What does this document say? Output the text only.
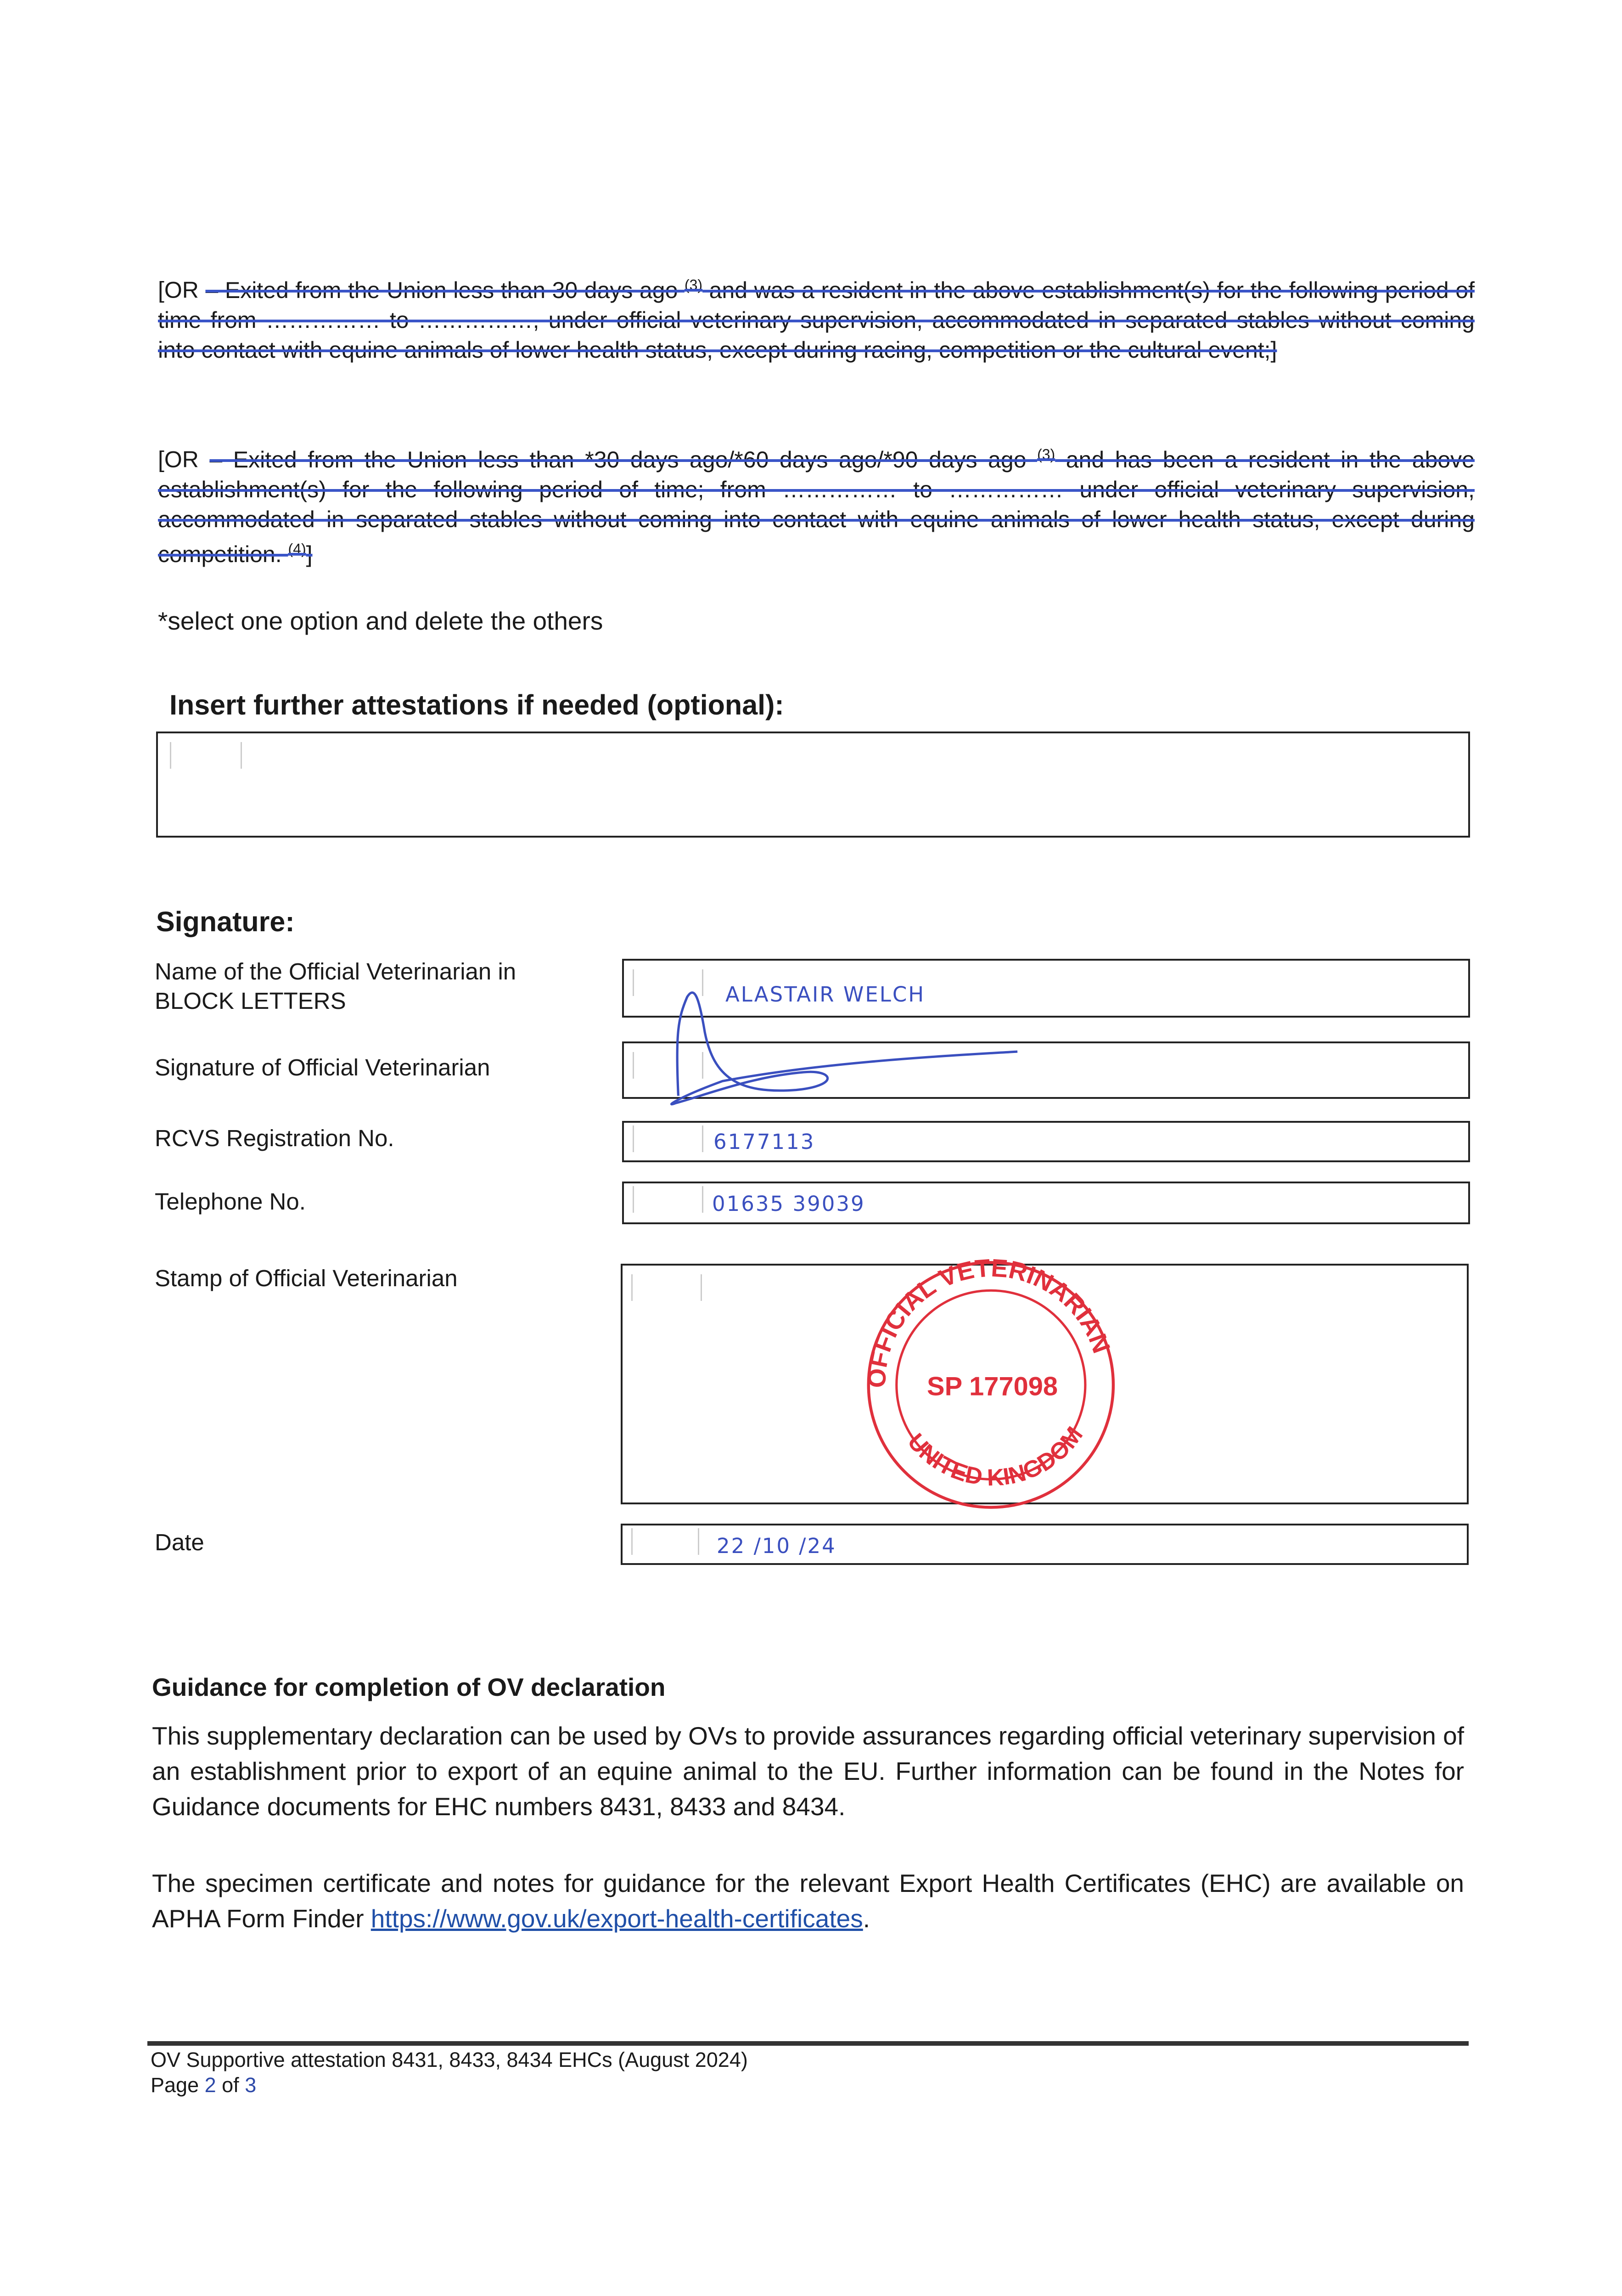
[OR – Exited from the Union less than 30 days ago $^{(3)}$ and was a resident in the above establishment(s) for the following period of time from …………… to ……………, under official veterinary supervision, accommodated in separated stables without coming into contact with equine animals of lower health status, except during racing, competition or the cultural event;]
[OR – Exited from the Union less than *30 days ago/*60 days ago/*90 days ago $^{(3)}$ and has been a resident in the above establishment(s) for the following period of time; from …………… to …………… under official veterinary supervision, accommodated in separated stables without coming into contact with equine animals of lower health status, except during competition. $^{(4)}$]
*select one option and delete the others
Insert further attestations if needed (optional):
Signature:
Name of the Official Veterinarian in BLOCK LETTERS	ALASTAIR WELCH
Signature of Official Veterinarian
RCVS Registration No.	6177113
Telephone No.	01635 39039
Stamp of Official Veterinarian
Date	22 /10 /24
OFFICIAL VETERINARIAN
UNITED KINGDOM
SP 177098
Guidance for completion of OV declaration
This supplementary declaration can be used by OVs to provide assurances regarding official veterinary supervision of an establishment prior to export of an equine animal to the EU. Further information can be found in the Notes for Guidance documents for EHC numbers 8431, 8433 and 8434.
The specimen certificate and notes for guidance for the relevant Export Health Certificates (EHC) are available on APHA Form Finder https://www.gov.uk/export-health-certificates.
OV Supportive attestation 8431, 8433, 8434 EHCs (August 2024)
Page 2 of 3
